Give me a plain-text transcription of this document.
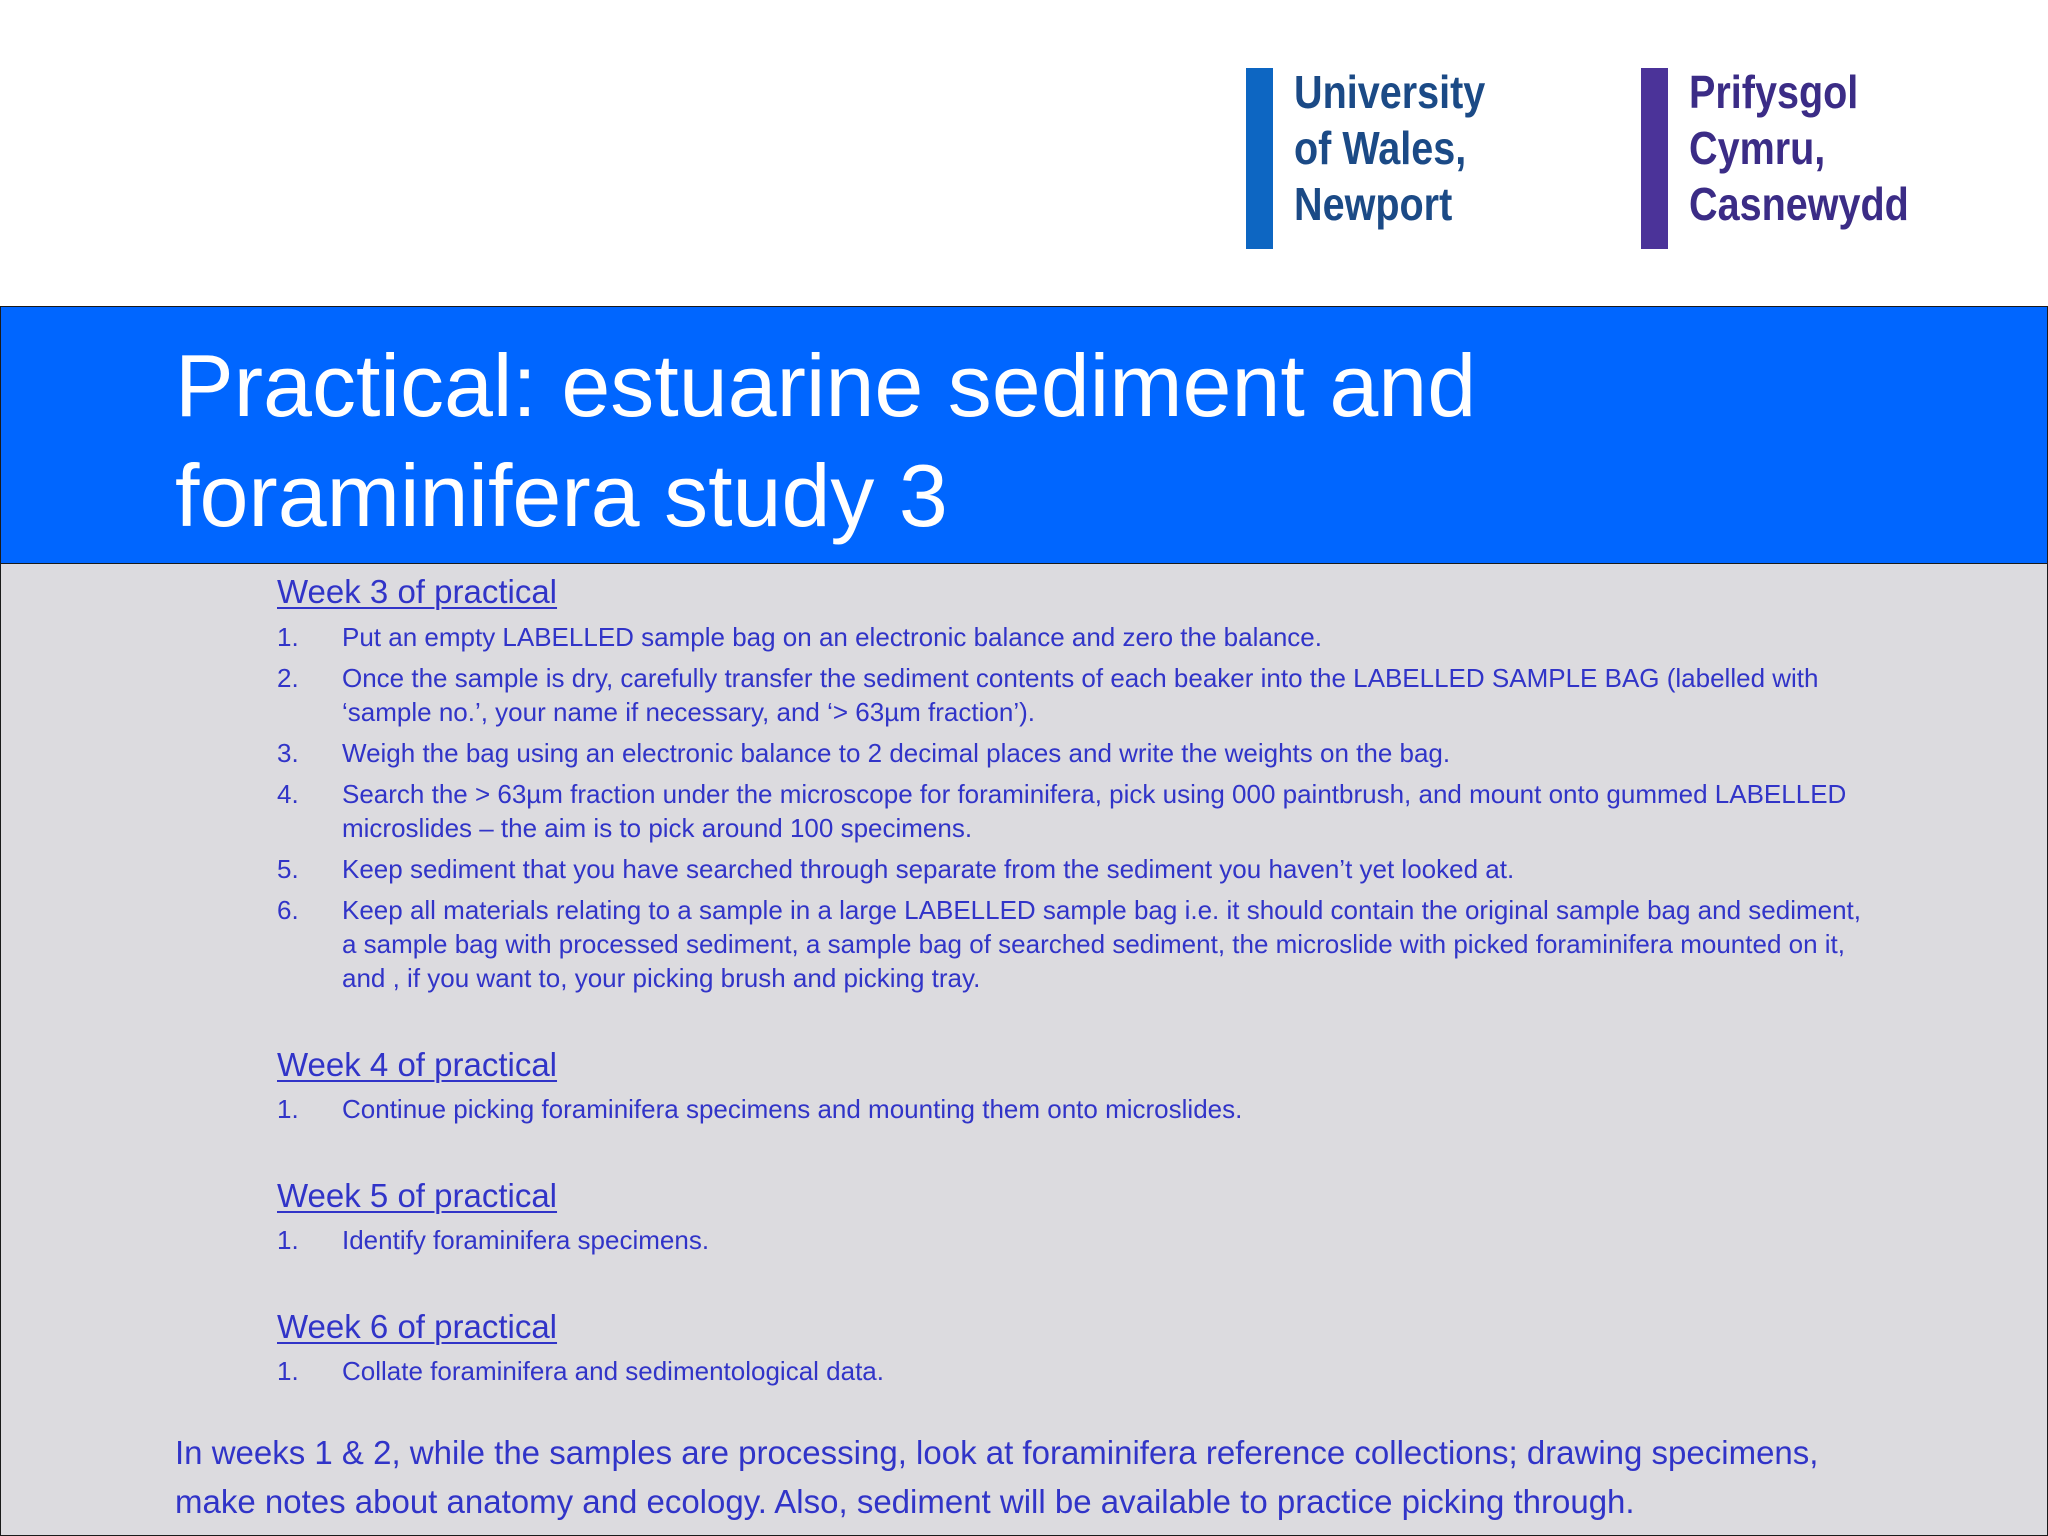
University
of Wales,
Newport
Prifysgol
Cymru,
Casnewydd
Practical: estuarine sediment and
foraminifera study 3
Week 3 of practical
1. Put an empty LABELLED sample bag on an electronic balance and zero the balance.
2. Once the sample is dry, carefully transfer the sediment contents of each beaker into the LABELLED SAMPLE BAG (labelled with ‘sample no.’, your name if necessary, and ‘> 63µm fraction’).
3. Weigh the bag using an electronic balance to 2 decimal places and write the weights on the bag.
4. Search the > 63µm fraction under the microscope for foraminifera, pick using 000 paintbrush, and mount onto gummed LABELLED microslides – the aim is to pick around 100 specimens.
5. Keep sediment that you have searched through separate from the sediment you haven’t yet looked at.
6. Keep all materials relating to a sample in a large LABELLED sample bag i.e. it should contain the original sample bag and sediment, a sample bag with processed sediment, a sample bag of searched sediment, the microslide with picked foraminifera mounted on it, and , if you want to, your picking brush and picking tray.
Week 4 of practical
1. Continue picking foraminifera specimens and mounting them onto microslides.
Week 5 of practical
1. Identify foraminifera specimens.
Week 6 of practical
1. Collate foraminifera and sedimentological data.

In weeks 1 & 2, while the samples are processing, look at foraminifera reference collections; drawing specimens, make notes about anatomy and ecology. Also, sediment will be available to practice picking through.
